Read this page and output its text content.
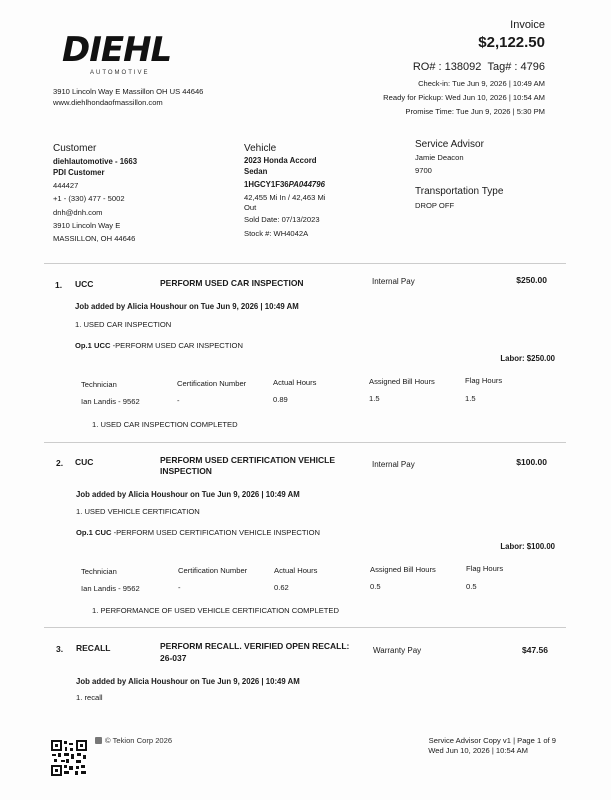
DIEHL
AUTOMOTIVE
3910 Lincoln Way E Massillon OH US 44646
www.diehlhondaofmassillon.com
Invoice
$2,122.50
RO# : 138092 Tag# : 4796
Check-in: Tue Jun 9, 2026 | 10:49 AM
Ready for Pickup: Wed Jun 10, 2026 | 10:54 AM
Promise Time: Tue Jun 9, 2026 | 5:30 PM
Customer
diehlautomotive - 1663
PDI Customer
444427
+1 - (330) 477 - 5002
dnh@dnh.com
3910 Lincoln Way E
MASSILLON, OH 44646
Vehicle
2023 Honda Accord
Sedan
1HGCY1F36PA044796
42,455 Mi In / 42,463 Mi
Out
Sold Date: 07/13/2023
Stock #: WH4042A
Service Advisor
Jamie Deacon
9700
Transportation Type
DROP OFF
1. UCC	PERFORM USED CAR INSPECTION	Internal Pay	$250.00
Job added by Alicia Houshour on Tue Jun 9, 2026 | 10:49 AM
1. USED CAR INSPECTION
Op.1 UCC -PERFORM USED CAR INSPECTION
Labor: $250.00
Technician	Certification Number	Actual Hours	Assigned Bill Hours	Flag Hours
Ian Landis - 9562	-	0.89	1.5	1.5
1. USED CAR INSPECTION COMPLETED
2. CUC	PERFORM USED CERTIFICATION VEHICLE
INSPECTION
Internal Pay	$100.00
Job added by Alicia Houshour on Tue Jun 9, 2026 | 10:49 AM
1. USED VEHICLE CERTIFICATION
Op.1 CUC -PERFORM USED CERTIFICATION VEHICLE INSPECTION
Labor: $100.00
Technician	Certification Number	Actual Hours	Assigned Bill Hours	Flag Hours
Ian Landis - 9562	-	0.62	0.5	0.5
1. PERFORMANCE OF USED VEHICLE CERTIFICATION COMPLETED
3. RECALL	PERFORM RECALL. VERIFIED OPEN RECALL:
26-037
Warranty Pay	$47.56
Job added by Alicia Houshour on Tue Jun 9, 2026 | 10:49 AM
1. recall
© Tekion Corp 2026	Service Advisor Copy v1 | Page 1 of 9
Wed Jun 10, 2026 | 10:54 AM
